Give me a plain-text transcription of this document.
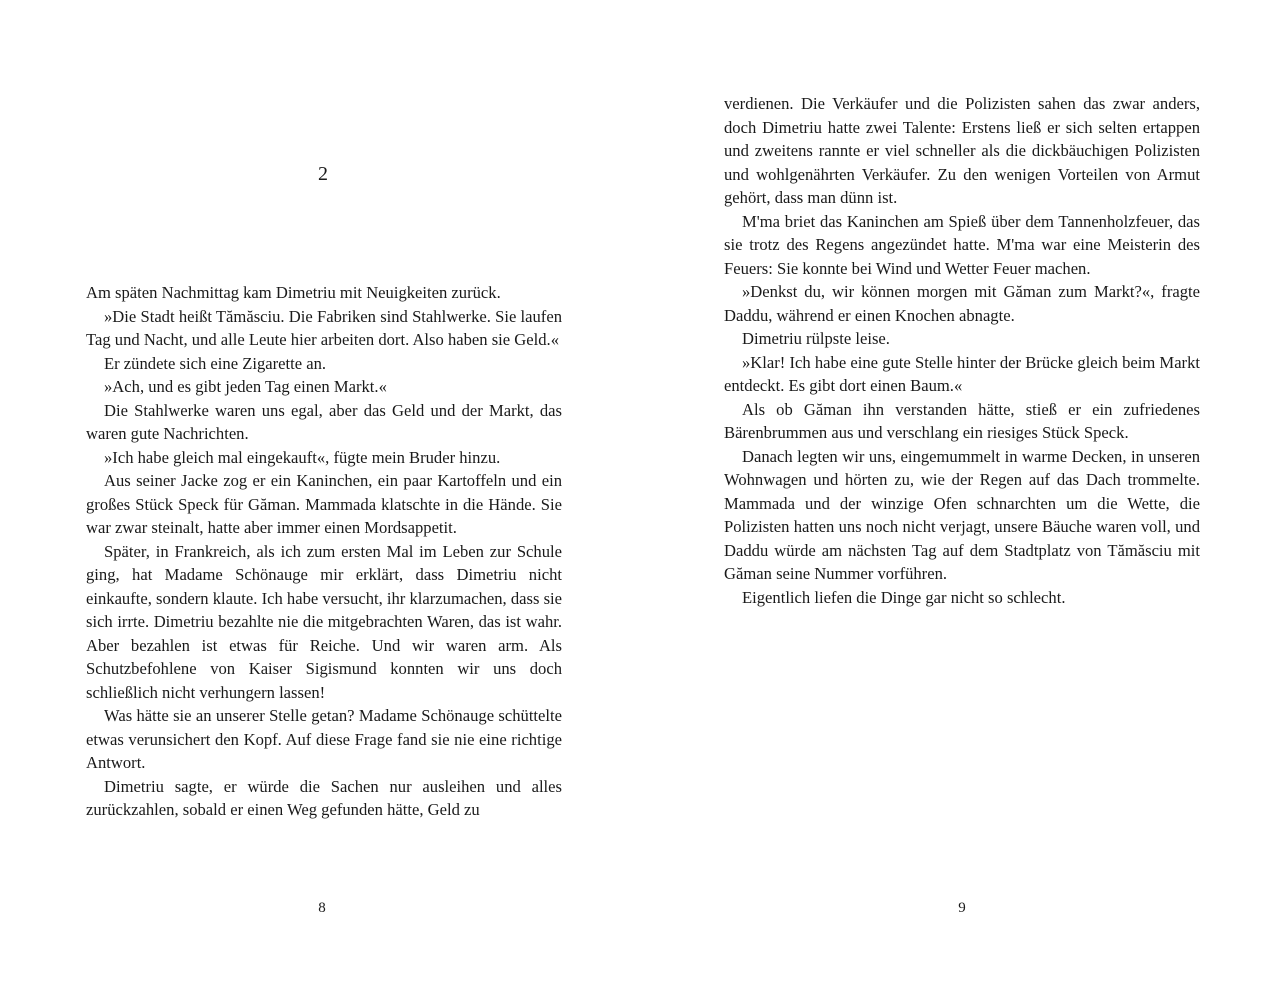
2

Am späten Nachmittag kam Dimetriu mit Neuigkeiten zurück.

»Die Stadt heißt Tămăsciu. Die Fabriken sind Stahlwerke. Sie laufen Tag und Nacht, und alle Leute hier arbeiten dort. Also haben sie Geld.«

Er zündete sich eine Zigarette an.

»Ach, und es gibt jeden Tag einen Markt.«

Die Stahlwerke waren uns egal, aber das Geld und der Markt, das waren gute Nachrichten.

»Ich habe gleich mal eingekauft«, fügte mein Bruder hinzu.

Aus seiner Jacke zog er ein Kaninchen, ein paar Kartoffeln und ein großes Stück Speck für Găman. Mammada klatschte in die Hände. Sie war zwar steinalt, hatte aber immer einen Mordsappetit.

Später, in Frankreich, als ich zum ersten Mal im Leben zur Schule ging, hat Madame Schönauge mir erklärt, dass Dimetriu nicht einkaufte, sondern klaute. Ich habe versucht, ihr klarzumachen, dass sie sich irrte. Dimetriu bezahlte nie die mitgebrachten Waren, das ist wahr. Aber bezahlen ist etwas für Reiche. Und wir waren arm. Als Schutzbefohlene von Kaiser Sigismund konnten wir uns doch schließlich nicht verhungern lassen!

Was hätte sie an unserer Stelle getan? Madame Schönauge schüttelte etwas verunsichert den Kopf. Auf diese Frage fand sie nie eine richtige Antwort.

Dimetriu sagte, er würde die Sachen nur ausleihen und alles zurückzahlen, sobald er einen Weg gefunden hätte, Geld zu

8

verdienen. Die Verkäufer und die Polizisten sahen das zwar anders, doch Dimetriu hatte zwei Talente: Erstens ließ er sich selten ertappen und zweitens rannte er viel schneller als die dickbäuchigen Polizisten und wohlgenährten Verkäufer. Zu den wenigen Vorteilen von Armut gehört, dass man dünn ist.

M'ma briet das Kaninchen am Spieß über dem Tannenholzfeuer, das sie trotz des Regens angezündet hatte. M'ma war eine Meisterin des Feuers: Sie konnte bei Wind und Wetter Feuer machen.

»Denkst du, wir können morgen mit Găman zum Markt?«, fragte Daddu, während er einen Knochen abnagte.

Dimetriu rülpste leise.

»Klar! Ich habe eine gute Stelle hinter der Brücke gleich beim Markt entdeckt. Es gibt dort einen Baum.«

Als ob Găman ihn verstanden hätte, stieß er ein zufriedenes Bärenbrummen aus und verschlang ein riesiges Stück Speck.

Danach legten wir uns, eingemummelt in warme Decken, in unseren Wohnwagen und hörten zu, wie der Regen auf das Dach trommelte. Mammada und der winzige Ofen schnarchten um die Wette, die Polizisten hatten uns noch nicht verjagt, unsere Bäuche waren voll, und Daddu würde am nächsten Tag auf dem Stadtplatz von Tămăsciu mit Găman seine Nummer vorführen.

Eigentlich liefen die Dinge gar nicht so schlecht.

9
